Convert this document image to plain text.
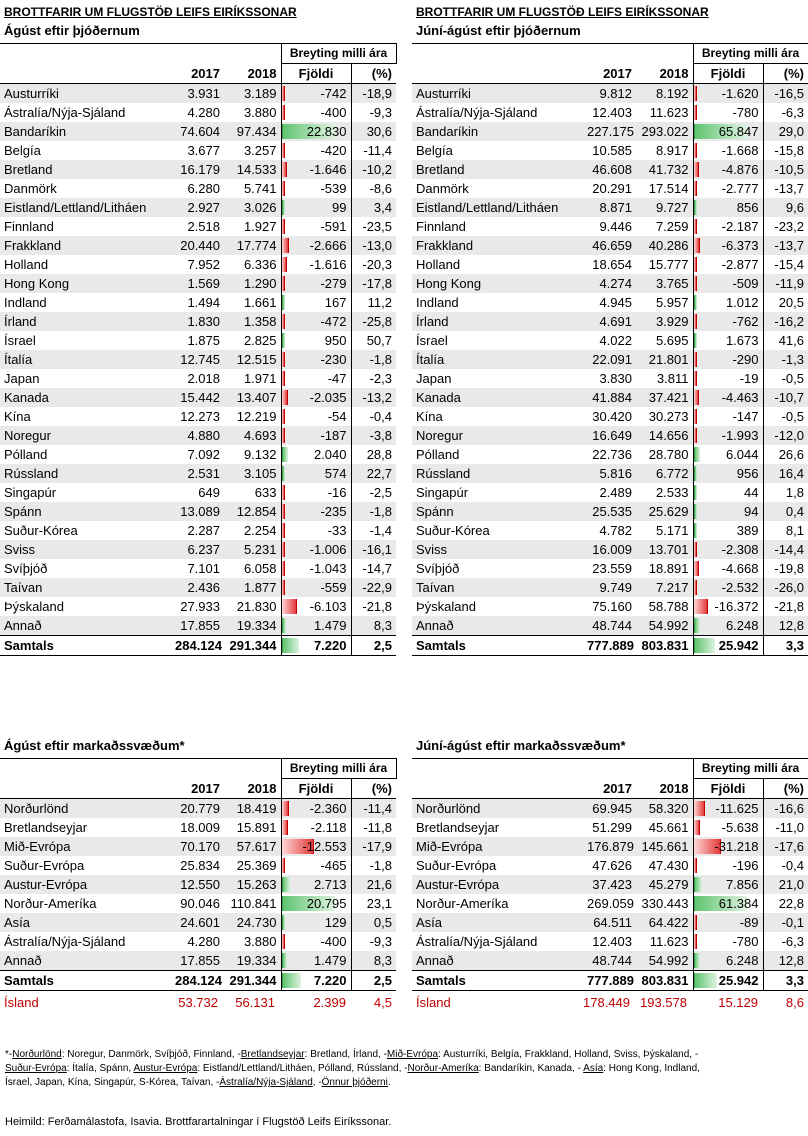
BROTTFARIR UM FLUGSTÖÐ LEIFS EIRÍKSSONAR
Ágúst eftir þjóðernum
			Breyting milli ára	
	2017	2018	Fjöldi	(%)
Austurríki	3.931	3.189	-742	-18,9
Ástralía/Nýja-Sjáland	4.280	3.880	-400	-9,3
Bandaríkin	74.604	97.434	22.830	30,6
Belgía	3.677	3.257	-420	-11,4
Bretland	16.179	14.533	-1.646	-10,2
Danmörk	6.280	5.741	-539	-8,6
Eistland/Lettland/Litháen	2.927	3.026	99	3,4
Finnland	2.518	1.927	-591	-23,5
Frakkland	20.440	17.774	-2.666	-13,0
Holland	7.952	6.336	-1.616	-20,3
Hong Kong	1.569	1.290	-279	-17,8
Indland	1.494	1.661	167	11,2
Írland	1.830	1.358	-472	-25,8
Ísrael	1.875	2.825	950	50,7
Ítalía	12.745	12.515	-230	-1,8
Japan	2.018	1.971	-47	-2,3
Kanada	15.442	13.407	-2.035	-13,2
Kína	12.273	12.219	-54	-0,4
Noregur	4.880	4.693	-187	-3,8
Pólland	7.092	9.132	2.040	28,8
Rússland	2.531	3.105	574	22,7
Singapúr	649	633	-16	-2,5
Spánn	13.089	12.854	-235	-1,8
Suður-Kórea	2.287	2.254	-33	-1,4
Sviss	6.237	5.231	-1.006	-16,1
Svíþjóð	7.101	6.058	-1.043	-14,7
Taívan	2.436	1.877	-559	-22,9
Þýskaland	27.933	21.830	-6.103	-21,8
Annað	17.855	19.334	1.479	8,3
Samtals	284.124	291.344	7.220	2,5
BROTTFARIR UM FLUGSTÖÐ LEIFS EIRÍKSSONAR
Júní-ágúst eftir þjóðernum
			Breyting milli ára	
	2017	2018	Fjöldi	(%)
Austurríki	9.812	8.192	-1.620	-16,5
Ástralía/Nýja-Sjáland	12.403	11.623	-780	-6,3
Bandaríkin	227.175	293.022	65.847	29,0
Belgía	10.585	8.917	-1.668	-15,8
Bretland	46.608	41.732	-4.876	-10,5
Danmörk	20.291	17.514	-2.777	-13,7
Eistland/Lettland/Litháen	8.871	9.727	856	9,6
Finnland	9.446	7.259	-2.187	-23,2
Frakkland	46.659	40.286	-6.373	-13,7
Holland	18.654	15.777	-2.877	-15,4
Hong Kong	4.274	3.765	-509	-11,9
Indland	4.945	5.957	1.012	20,5
Írland	4.691	3.929	-762	-16,2
Ísrael	4.022	5.695	1.673	41,6
Ítalía	22.091	21.801	-290	-1,3
Japan	3.830	3.811	-19	-0,5
Kanada	41.884	37.421	-4.463	-10,7
Kína	30.420	30.273	-147	-0,5
Noregur	16.649	14.656	-1.993	-12,0
Pólland	22.736	28.780	6.044	26,6
Rússland	5.816	6.772	956	16,4
Singapúr	2.489	2.533	44	1,8
Spánn	25.535	25.629	94	0,4
Suður-Kórea	4.782	5.171	389	8,1
Sviss	16.009	13.701	-2.308	-14,4
Svíþjóð	23.559	18.891	-4.668	-19,8
Taívan	9.749	7.217	-2.532	-26,0
Þýskaland	75.160	58.788	-16.372	-21,8
Annað	48.744	54.992	6.248	12,8
Samtals	777.889	803.831	25.942	3,3
Ágúst eftir markaðssvæðum*
			Breyting milli ára	
	2017	2018	Fjöldi	(%)
Norðurlönd	20.779	18.419	-2.360	-11,4
Bretlandseyjar	18.009	15.891	-2.118	-11,8
Mið-Evrópa	70.170	57.617	-12.553	-17,9
Suður-Evrópa	25.834	25.369	-465	-1,8
Austur-Evrópa	12.550	15.263	2.713	21,6
Norður-Ameríka	90.046	110.841	20.795	23,1
Asía	24.601	24.730	129	0,5
Ástralía/Nýja-Sjáland	4.280	3.880	-400	-9,3
Annað	17.855	19.334	1.479	8,3
Samtals	284.124	291.344	7.220	2,5
Ísland	53.732 56.131	2.399 4,5
Júní-ágúst eftir markaðssvæðum*
			Breyting milli ára	
	2017	2018	Fjöldi	(%)
Norðurlönd	69.945	58.320	-11.625	-16,6
Bretlandseyjar	51.299	45.661	-5.638	-11,0
Mið-Evrópa	176.879	145.661	-31.218	-17,6
Suður-Evrópa	47.626	47.430	-196	-0,4
Austur-Evrópa	37.423	45.279	7.856	21,0
Norður-Ameríka	269.059	330.443	61.384	22,8
Asía	64.511	64.422	-89	-0,1
Ástralía/Nýja-Sjáland	12.403	11.623	-780	-6,3
Annað	48.744	54.992	6.248	12,8
Samtals	777.889	803.831	25.942	3,3
Ísland	178.449 193.578 15.129 8,6
*-Norðurlönd: Noregur, Danmörk, Svíþjóð, Finnland, -Bretlandseyjar: Bretland, Írland, -Mið-Evrópa: Austurríki, Belgía, Frakkland, Holland, Sviss, Þýskaland, -Suður-Evrópa: Ítalía, Spánn, Austur-Evrópa: Eistland/Lettland/Litháen, Pólland, Rússland, -Norður-Ameríka: Bandaríkin, Kanada, - Asía: Hong Kong, Indland, Ísrael, Japan, Kína, Singapúr, S-Kórea, Taívan, -Ástralía/Nýja-Sjáland, -Önnur þjóðerni.
Heimild: Ferðamálastofa, Isavia. Brottfarartalningar í Flugstöð Leifs Eiríkssonar.
